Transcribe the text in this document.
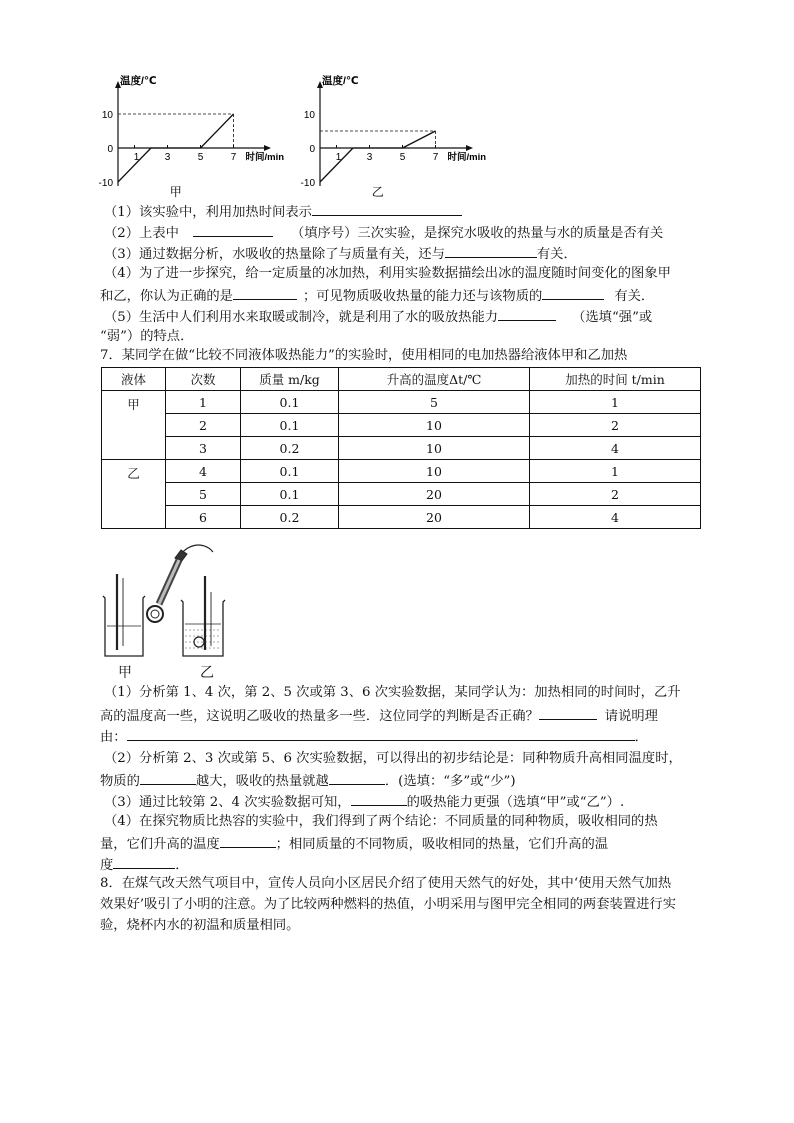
温度/℃
时间/min
10
0
-10
1	3	5	7
甲
温度/℃
时间/min
10
0
-10
1	3	5	7
乙
（1）该实验中，利用加热时间表示
（2）上表中	（填序号）三次实验，是探究水吸收的热量与水的质量是否有关
（3）通过数据分析，水吸收的热量除了与质量有关，还与	有关．
（4）为了进一步探究，给一定质量的冰加热，利用实验数据描绘出冰的温度随时间变化的图象甲
和乙，你认为正确的是	；可见物质吸收热量的能力还与该物质的	有关．
（5）生活中人们利用水来取暖或制冷，就是利用了水的吸放热能力	（选填“强”或
“弱”）的特点．
7．某同学在做“比较不同液体吸热能力”的实验时，使用相同的电加热器给液体甲和乙加热
液体	次数	质量 m/kg	升高的温度Δt/℃	加热的时间 t/min
甲	1	0.1	5	1
	2	0.1	10	2
	3	0.2	10	4
乙	4	0.1	10	1
	5	0.1	20	2
	6	0.2	20	4
甲	乙
（1）分析第 1、4 次，第 2、5 次或第 3、6 次实验数据，某同学认为：加热相同的时间时，乙升
高的温度高一些，这说明乙吸收的热量多一些．这位同学的判断是否正确？	请说明理
由：	．
（2）分析第 2、3 次或第 5、6 次实验数据，可以得出的初步结论是：同种物质升高相同温度时，
物质的	越大，吸收的热量就越	．(选填：“多”或“少”)
（3）通过比较第 2、4 次实验数据可知，	的吸热能力更强（选填“甲”或“乙”）.
（4）在探究物质比热容的实验中，我们得到了两个结论：不同质量的同种物质，吸收相同的热
量，它们升高的温度	；相同质量的不同物质，吸收相同的热量，它们升高的温
度	．
8．在煤气改天然气项目中，宣传人员向小区居民介绍了使用天然气的好处，其中‘使用天然气加热
效果好’吸引了小明的注意。为了比较两种燃料的热值，小明采用与图甲完全相同的两套装置进行实
验，烧杯内水的初温和质量相同。
